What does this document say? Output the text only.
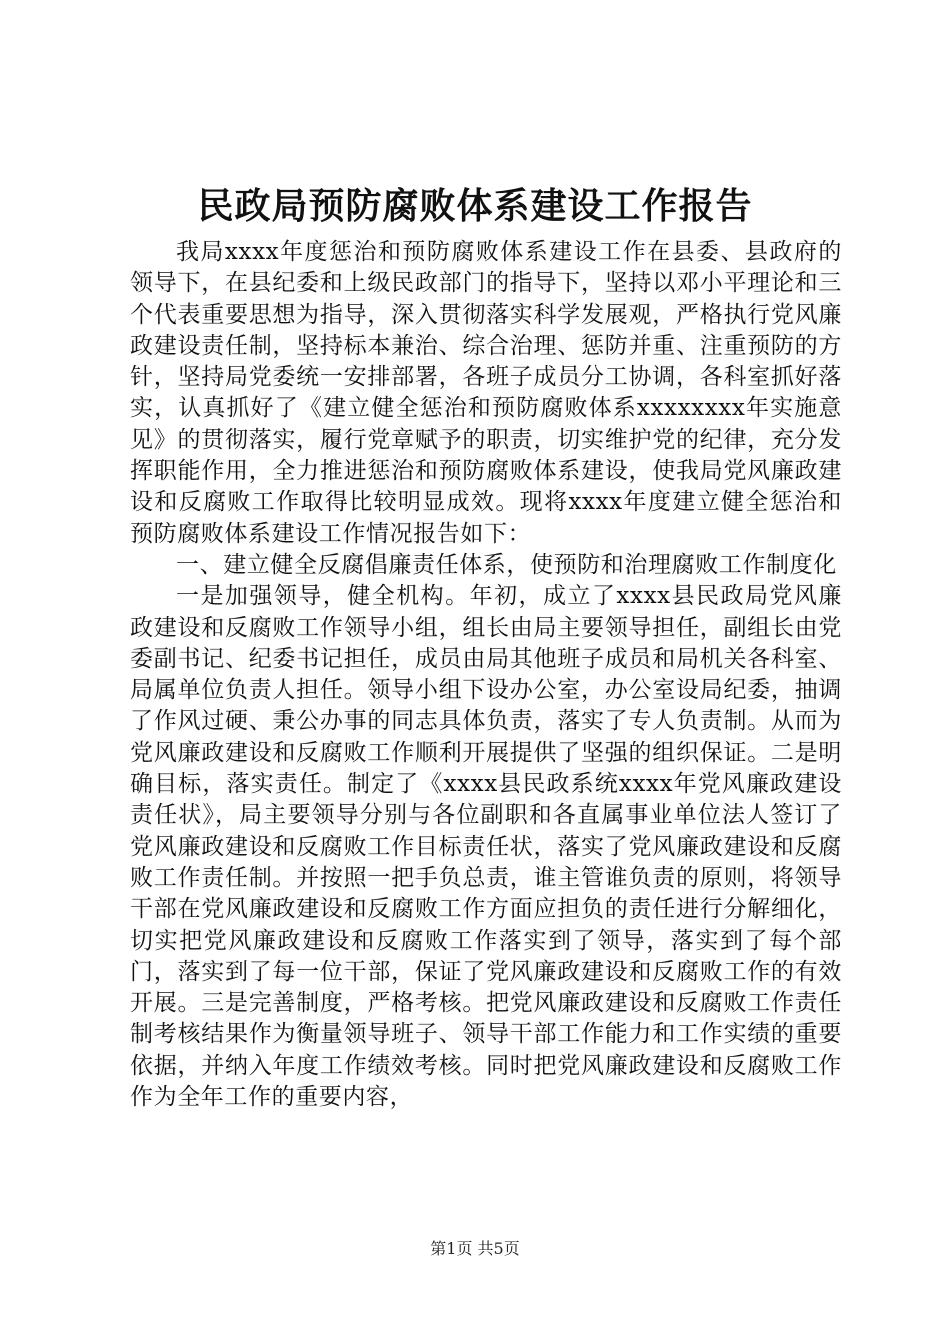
民政局预防腐败体系建设工作报告

我局xxxx年度惩治和预防腐败体系建设工作在县委、县政府的领导下，在县纪委和上级民政部门的指导下，坚持以邓小平理论和三个代表重要思想为指导，深入贯彻落实科学发展观，严格执行党风廉政建设责任制，坚持标本兼治、综合治理、惩防并重、注重预防的方针，坚持局党委统一安排部署，各班子成员分工协调，各科室抓好落实，认真抓好了《建立健全惩治和预防腐败体系xxxxxxxx年实施意见》的贯彻落实，履行党章赋予的职责，切实维护党的纪律，充分发挥职能作用，全力推进惩治和预防腐败体系建设，使我局党风廉政建设和反腐败工作取得比较明显成效。现将xxxx年度建立健全惩治和预防腐败体系建设工作情况报告如下：

一、建立健全反腐倡廉责任体系，使预防和治理腐败工作制度化

一是加强领导，健全机构。年初，成立了xxxx县民政局党风廉政建设和反腐败工作领导小组，组长由局主要领导担任，副组长由党委副书记、纪委书记担任，成员由局其他班子成员和局机关各科室、局属单位负责人担任。领导小组下设办公室，办公室设局纪委，抽调了作风过硬、秉公办事的同志具体负责，落实了专人负责制。从而为党风廉政建设和反腐败工作顺利开展提供了坚强的组织保证。二是明确目标，落实责任。制定了《xxxx县民政系统xxxx年党风廉政建设责任状》，局主要领导分别与各位副职和各直属事业单位法人签订了党风廉政建设和反腐败工作目标责任状，落实了党风廉政建设和反腐败工作责任制。并按照一把手负总责，谁主管谁负责的原则，将领导干部在党风廉政建设和反腐败工作方面应担负的责任进行分解细化，切实把党风廉政建设和反腐败工作落实到了领导，落实到了每个部门，落实到了每一位干部，保证了党风廉政建设和反腐败工作的有效开展。三是完善制度，严格考核。把党风廉政建设和反腐败工作责任制考核结果作为衡量领导班子、领导干部工作能力和工作实绩的重要依据，并纳入年度工作绩效考核。同时把党风廉政建设和反腐败工作作为全年工作的重要内容，

第1页 共5页
